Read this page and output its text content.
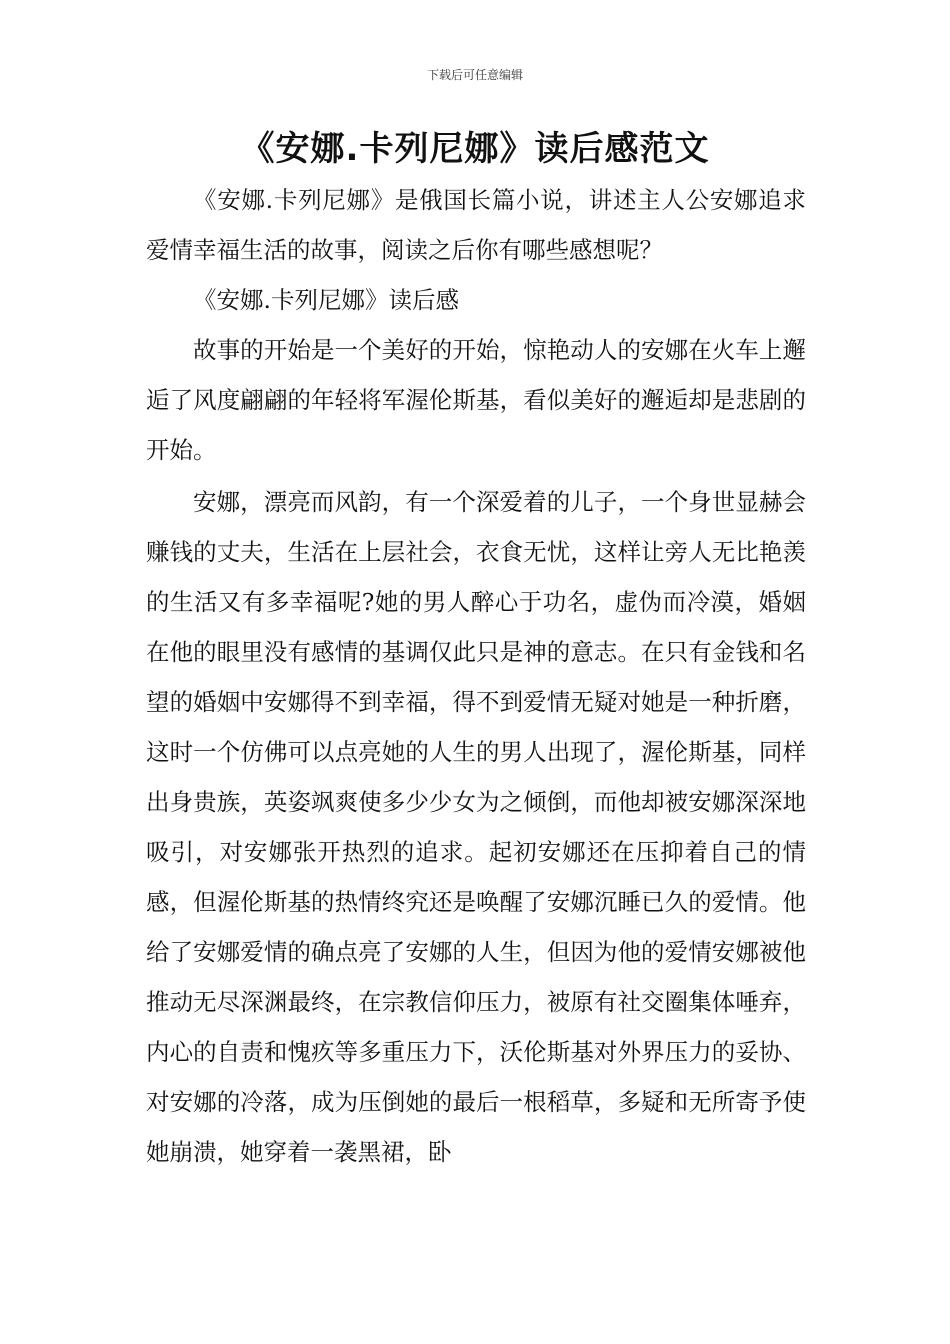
下载后可任意编辑
《安娜.卡列尼娜》读后感范文

《安娜.卡列尼娜》是俄国长篇小说，讲述主人公安娜追求爱情幸福生活的故事，阅读之后你有哪些感想呢？

《安娜.卡列尼娜》读后感

故事的开始是一个美好的开始，惊艳动人的安娜在火车上邂逅了风度翩翩的年轻将军渥伦斯基，看似美好的邂逅却是悲剧的开始。

安娜，漂亮而风韵，有一个深爱着的儿子，一个身世显赫会赚钱的丈夫，生活在上层社会，衣食无忧，这样让旁人无比艳羡的生活又有多幸福呢?她的男人醉心于功名，虚伪而冷漠，婚姻在他的眼里没有感情的基调仅此只是神的意志。在只有金钱和名望的婚姻中安娜得不到幸福，得不到爱情无疑对她是一种折磨，这时一个仿佛可以点亮她的人生的男人出现了，渥伦斯基，同样出身贵族，英姿飒爽使多少少女为之倾倒，而他却被安娜深深地吸引，对安娜张开热烈的追求。起初安娜还在压抑着自己的情感，但渥伦斯基的热情终究还是唤醒了安娜沉睡已久的爱情。他给了安娜爱情的确点亮了安娜的人生，但因为他的爱情安娜被他推动无尽深渊最终，在宗教信仰压力，被原有社交圈集体唾弃，内心的自责和愧疚等多重压力下，沃伦斯基对外界压力的妥协、对安娜的冷落，成为压倒她的最后一根稻草，多疑和无所寄予使她崩溃，她穿着一袭黑裙，卧
